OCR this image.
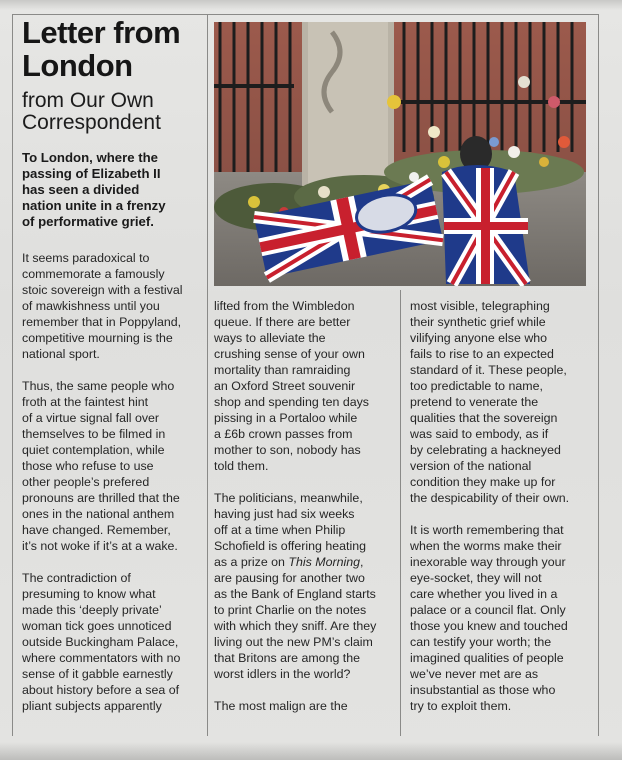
Letter from
London
from Our Own
Correspondent
To London, where the
passing of Elizabeth II
has seen a divided
nation unite in a frenzy
of performative grief.

It seems paradoxical to
commemorate a famously
stoic sovereign with a festival
of mawkishness until you
remember that in Poppyland,
competitive mourning is the
national sport.

Thus, the same people who
froth at the faintest hint
of a virtue signal fall over
themselves to be filmed in
quiet contemplation, while
those who refuse to use
other people’s prefered
pronouns are thrilled that the
ones in the national anthem
have changed. Remember,
it’s not woke if it’s at a wake.

The contradiction of
presuming to know what
made this ‘deeply private’
woman tick goes unnoticed
outside Buckingham Palace,
where commentators with no
sense of it gabble earnestly
about history before a sea of
pliant subjects apparently

lifted from the Wimbledon
queue. If there are better
ways to alleviate the
crushing sense of your own
mortality than ramraiding
an Oxford Street souvenir
shop and spending ten days
pissing in a Portaloo while
a £6b crown passes from
mother to son, nobody has
told them.

The politicians, meanwhile,
having just had six weeks
off at a time when Philip
Schofield is offering heating
as a prize on This Morning,
are pausing for another two
as the Bank of England starts
to print Charlie on the notes
with which they sniff. Are they
living out the new PM’s claim
that Britons are among the
worst idlers in the world?

The most malign are the

most visible, telegraphing
their synthetic grief while
vilifying anyone else who
fails to rise to an expected
standard of it. These people,
too predictable to name,
pretend to venerate the
qualities that the sovereign
was said to embody, as if
by celebrating a hackneyed
version of the national
condition they make up for
the despicability of their own.

It is worth remembering that
when the worms make their
inexorable way through your
eye-socket, they will not
care whether you lived in a
palace or a council flat. Only
those you knew and touched
can testify your worth; the
imagined qualities of people
we’ve never met are as
insubstantial as those who
try to exploit them.
